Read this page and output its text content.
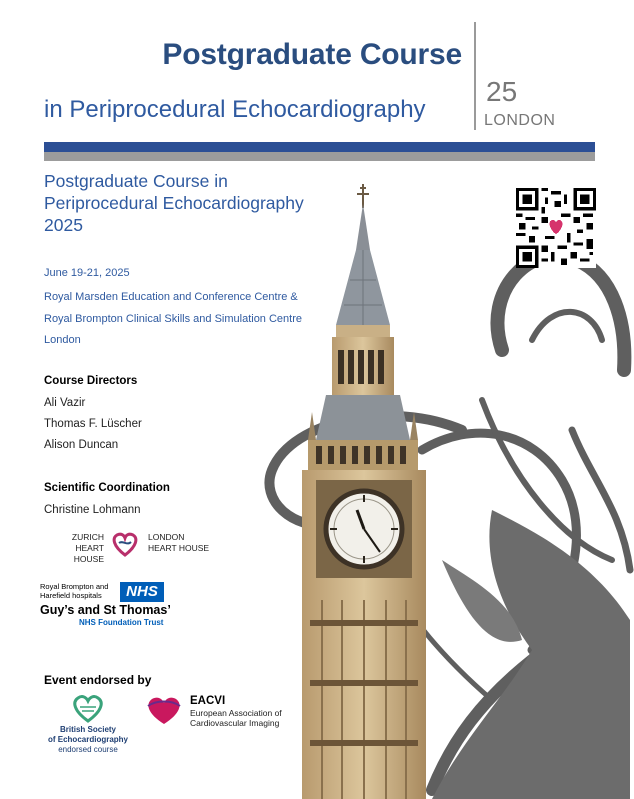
Postgraduate Course
in Periprocedural Echocardiography
25
LONDON
Postgraduate Course in
Periprocedural Echocardiography
2025
June 19-21, 2025
Royal Marsden Education and Conference Centre &
Royal Brompton Clinical Skills and Simulation Centre
London
Course Directors
Ali Vazir
Thomas F. Lüscher
Alison Duncan
Scientific Coordination
Christine Lohmann
ZURICH
HEART HOUSE
LONDON
HEART HOUSE
Royal Brompton and
Harefield hospitals	NHS
Guy’s and St Thomas’
NHS Foundation Trust
Event endorsed by
British Society
of Echocardiography
endorsed course
EACVI
European Association of
Cardiovascular Imaging
